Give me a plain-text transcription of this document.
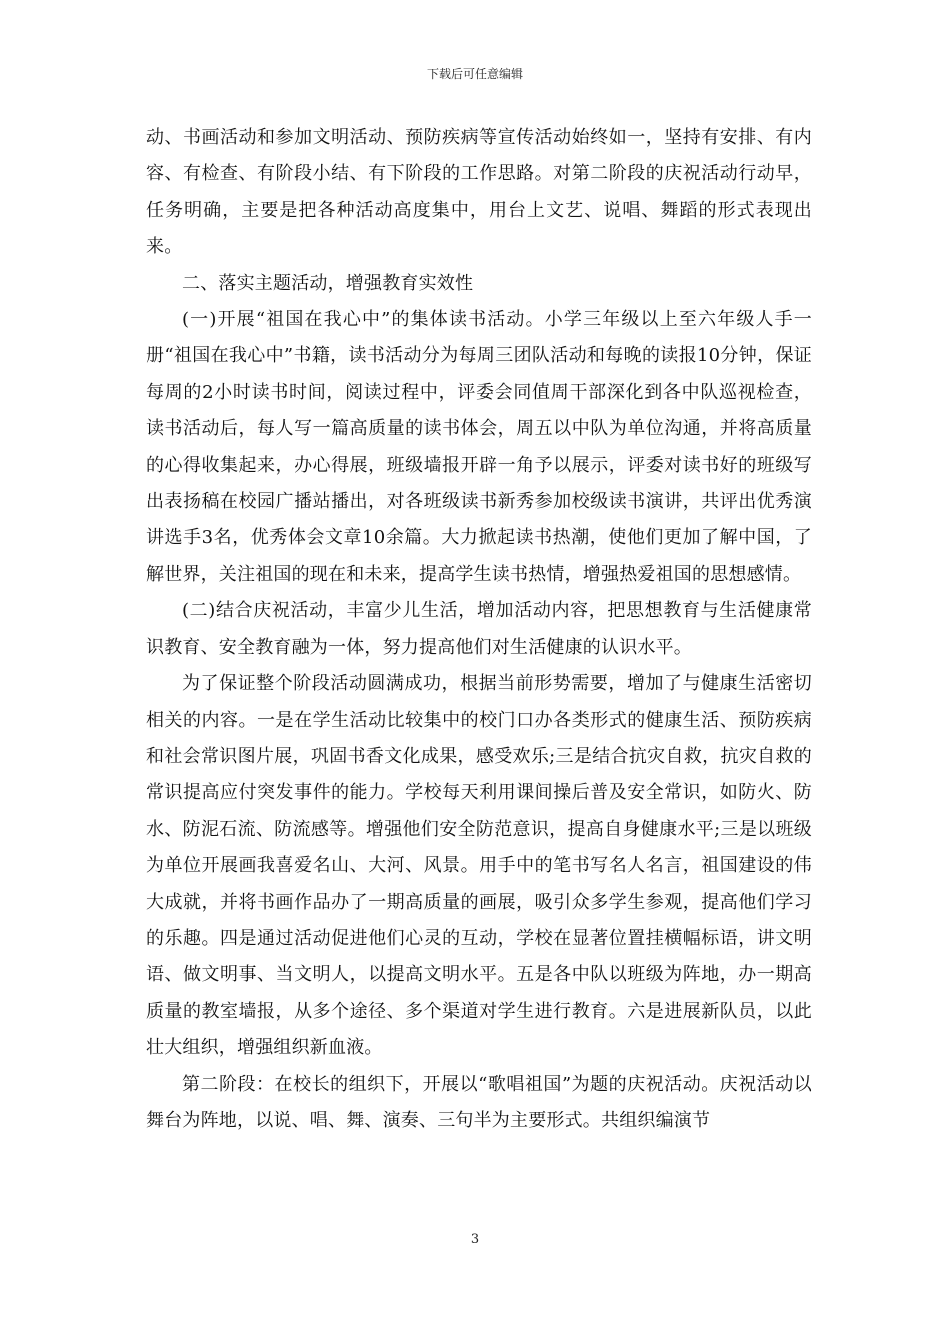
下载后可任意编辑

动、书画活动和参加文明活动、预防疾病等宣传活动始终如一，坚持有安排、有内容、有检查、有阶段小结、有下阶段的工作思路。对第二阶段的庆祝活动行动早，任务明确，主要是把各种活动高度集中，用台上文艺、说唱、舞蹈的形式表现出来。

二、落实主题活动，增强教育实效性

(一)开展“祖国在我心中”的集体读书活动。小学三年级以上至六年级人手一册“祖国在我心中”书籍，读书活动分为每周三团队活动和每晚的读报10分钟，保证每周的2小时读书时间，阅读过程中，评委会同值周干部深化到各中队巡视检查，读书活动后，每人写一篇高质量的读书体会，周五以中队为单位沟通，并将高质量的心得收集起来，办心得展，班级墙报开辟一角予以展示，评委对读书好的班级写出表扬稿在校园广播站播出，对各班级读书新秀参加校级读书演讲，共评出优秀演讲选手3名，优秀体会文章10余篇。大力掀起读书热潮，使他们更加了解中国，了解世界，关注祖国的现在和未来，提高学生读书热情，增强热爱祖国的思想感情。

(二)结合庆祝活动，丰富少儿生活，增加活动内容，把思想教育与生活健康常识教育、安全教育融为一体，努力提高他们对生活健康的认识水平。

为了保证整个阶段活动圆满成功，根据当前形势需要，增加了与健康生活密切相关的内容。一是在学生活动比较集中的校门口办各类形式的健康生活、预防疾病和社会常识图片展，巩固书香文化成果，感受欢乐;三是结合抗灾自救，抗灾自救的常识提高应付突发事件的能力。学校每天利用课间操后普及安全常识，如防火、防水、防泥石流、防流感等。增强他们安全防范意识，提高自身健康水平;三是以班级为单位开展画我喜爱名山、大河、风景。用手中的笔书写名人名言，祖国建设的伟大成就，并将书画作品办了一期高质量的画展，吸引众多学生参观，提高他们学习的乐趣。四是通过活动促进他们心灵的互动，学校在显著位置挂横幅标语，讲文明语、做文明事、当文明人，以提高文明水平。五是各中队以班级为阵地，办一期高质量的教室墙报，从多个途径、多个渠道对学生进行教育。六是进展新队员，以此壮大组织，增强组织新血液。

第二阶段：在校长的组织下，开展以“歌唱祖国”为题的庆祝活动。庆祝活动以舞台为阵地，以说、唱、舞、演奏、三句半为主要形式。共组织编演节

3
